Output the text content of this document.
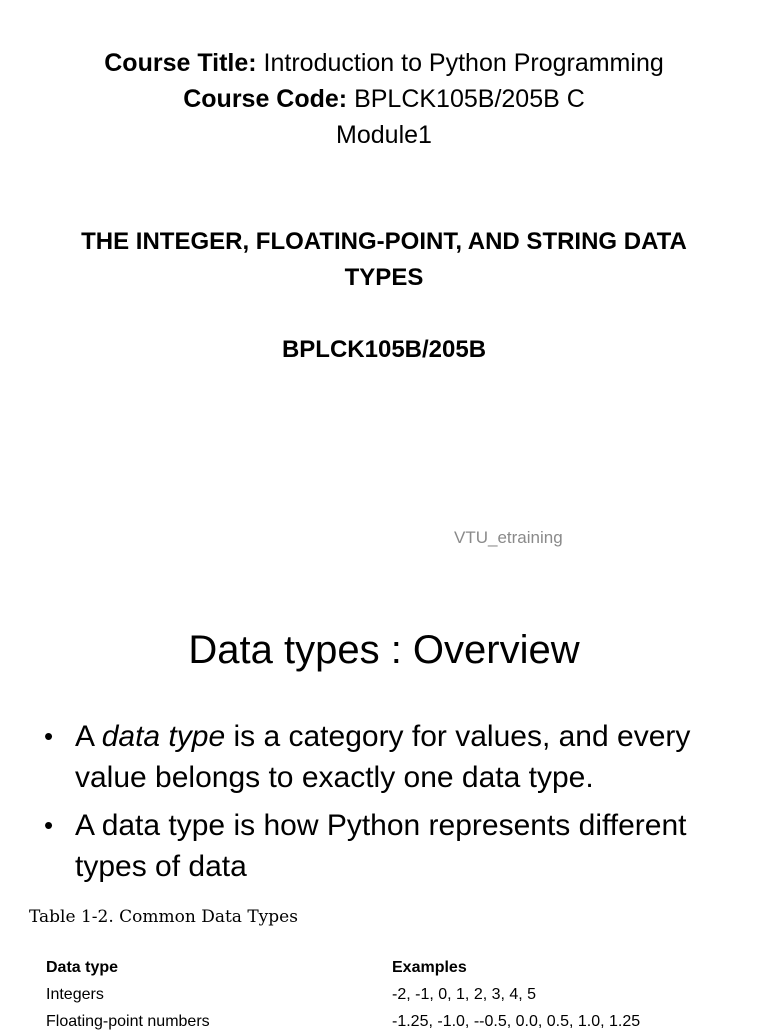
Course Title: Introduction to Python Programming
Course Code: BPLCK105B/205B C
Module1
THE INTEGER, FLOATING-POINT, AND STRING DATA TYPES
BPLCK105B/205B
VTU_etraining
Data types : Overview
• A data type is a category for values, and every value belongs to exactly one data type.
• A data type is how Python represents different types of data
Table 1-2. Common Data Types
Data type	Examples
Integers	-2, -1, 0, 1, 2, 3, 4, 5
Floating-point numbers	-1.25, -1.0, --0.5, 0.0, 0.5, 1.0, 1.25
